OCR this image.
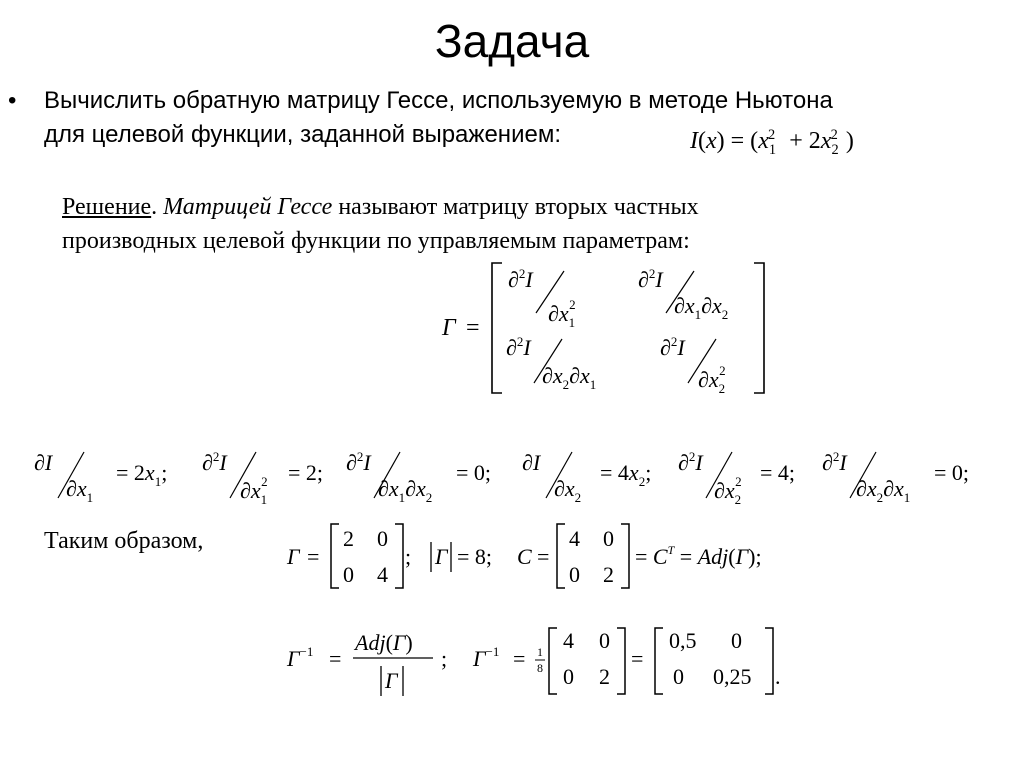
Задача
• Вычислить обратную матрицу Гессе, используемую в методе Ньютона
для целевой функции, заданной выражением:	$I(x) = (x_1^2 + 2x_2^2$ )
Решение. Матрицей Гессе называют матрицу вторых частных
производных целевой функции по управляемым параметрам:
Г =
∂$^2$I
$\partial x_12$
∂$^2$I
$\partial x_1\partial x_2$
∂$^2$I
$\partial x_2\partial x_1$
∂$^2$I
$\partial x_22$
∂I
$\partial x_1$
= $2x_1$; ∂$^2$I
$\partial x_12 = 2$; ∂$^2$I
$\partial x_1\partial x_2$
= 0; ∂I
$\partial x_2$
= $4x_2$; ∂$^2$I
$\partial x_22 = 4$; ∂$^2$I
$\partial x_2\partial x_1$
= 0;
Таким образом,
Г =
2 0
0 4
; Г = 8; C =
4 0
0 2
= $C^T = Adj(Г)$;
$Г^{-1}$ =
Adj(Г)
Г
; $Г^{-1} = 1$
8
4 0
0 2
=
0,5 0
0 0,25 .
